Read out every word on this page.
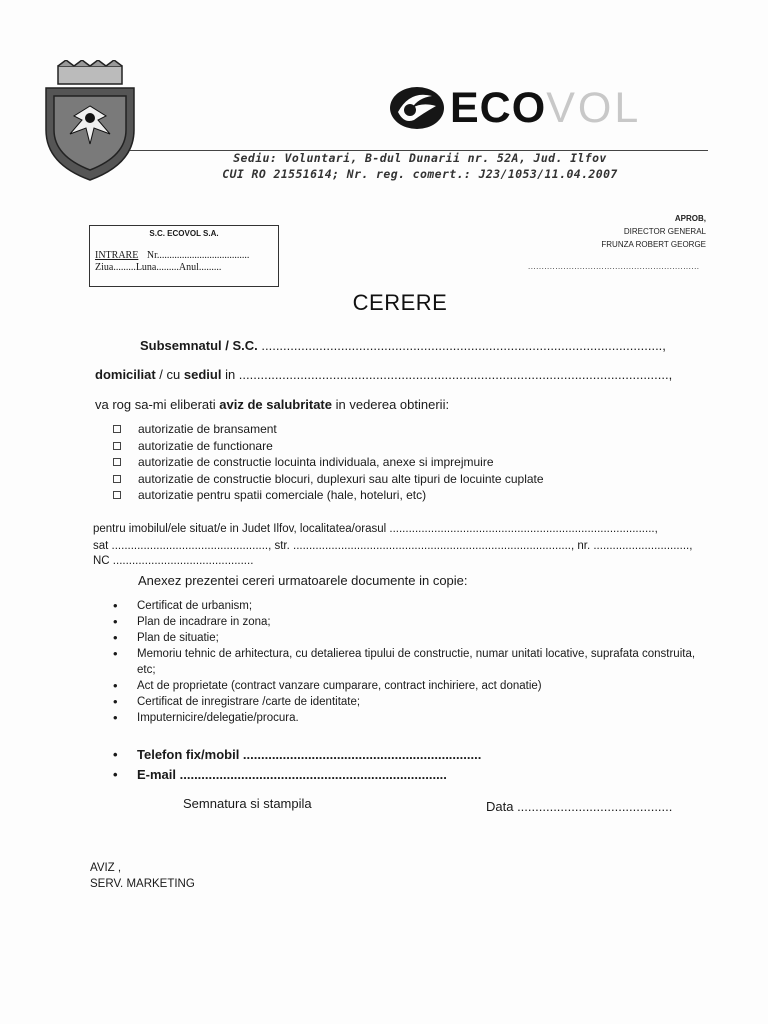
ECOVOL
Sediu: Voluntari, B-dul Dunarii nr. 52A, Jud. Ilfov
CUI RO 21551614; Nr. reg. comert.: J23/1053/11.04.2007
APROB,
DIRECTOR GENERAL
FRUNZA ROBERT GEORGE
...............................................................
S.C. ECOVOL S.A.
INTRARE Nr.....................................
Ziua.........Luna.........Anul.........
CERERE
Subsemnatul / S.C. ...............................................................................................................,
domiciliat / cu sediul in .......................................................................................................................,
va rog sa-mi eliberati aviz de salubritate in vederea obtinerii:
autorizatie de bransament
autorizatie de functionare
autorizatie de constructie locuinta individuala, anexe si imprejmuire
autorizatie de constructie blocuri, duplexuri sau alte tipuri de locuinte cuplate
autorizatie pentru spatii comerciale (hale, hoteluri, etc)
pentru imobilul/ele situat/e in Judet Ilfov, localitatea/orasul ...................................................................................,
sat ................................................., str. ......................................................................................., nr. ..............................,
NC ............................................
Anexez prezentei cereri urmatoarele documente in copie:
• Certificat de urbanism;
• Plan de incadrare in zona;
• Plan de situatie;
• Memoriu tehnic de arhitectura, cu detalierea tipului de constructie, numar unitati locative, suprafata construita, etc;
• Act de proprietate (contract vanzare cumparare, contract inchiriere, act donatie)
• Certificat de inregistrare /carte de identitate;
• Imputernicire/delegatie/procura.
• Telefon fix/mobil ..................................................................
• E-mail ..........................................................................
Semnatura si stampila	Data ...........................................
AVIZ ,
SERV. MARKETING
